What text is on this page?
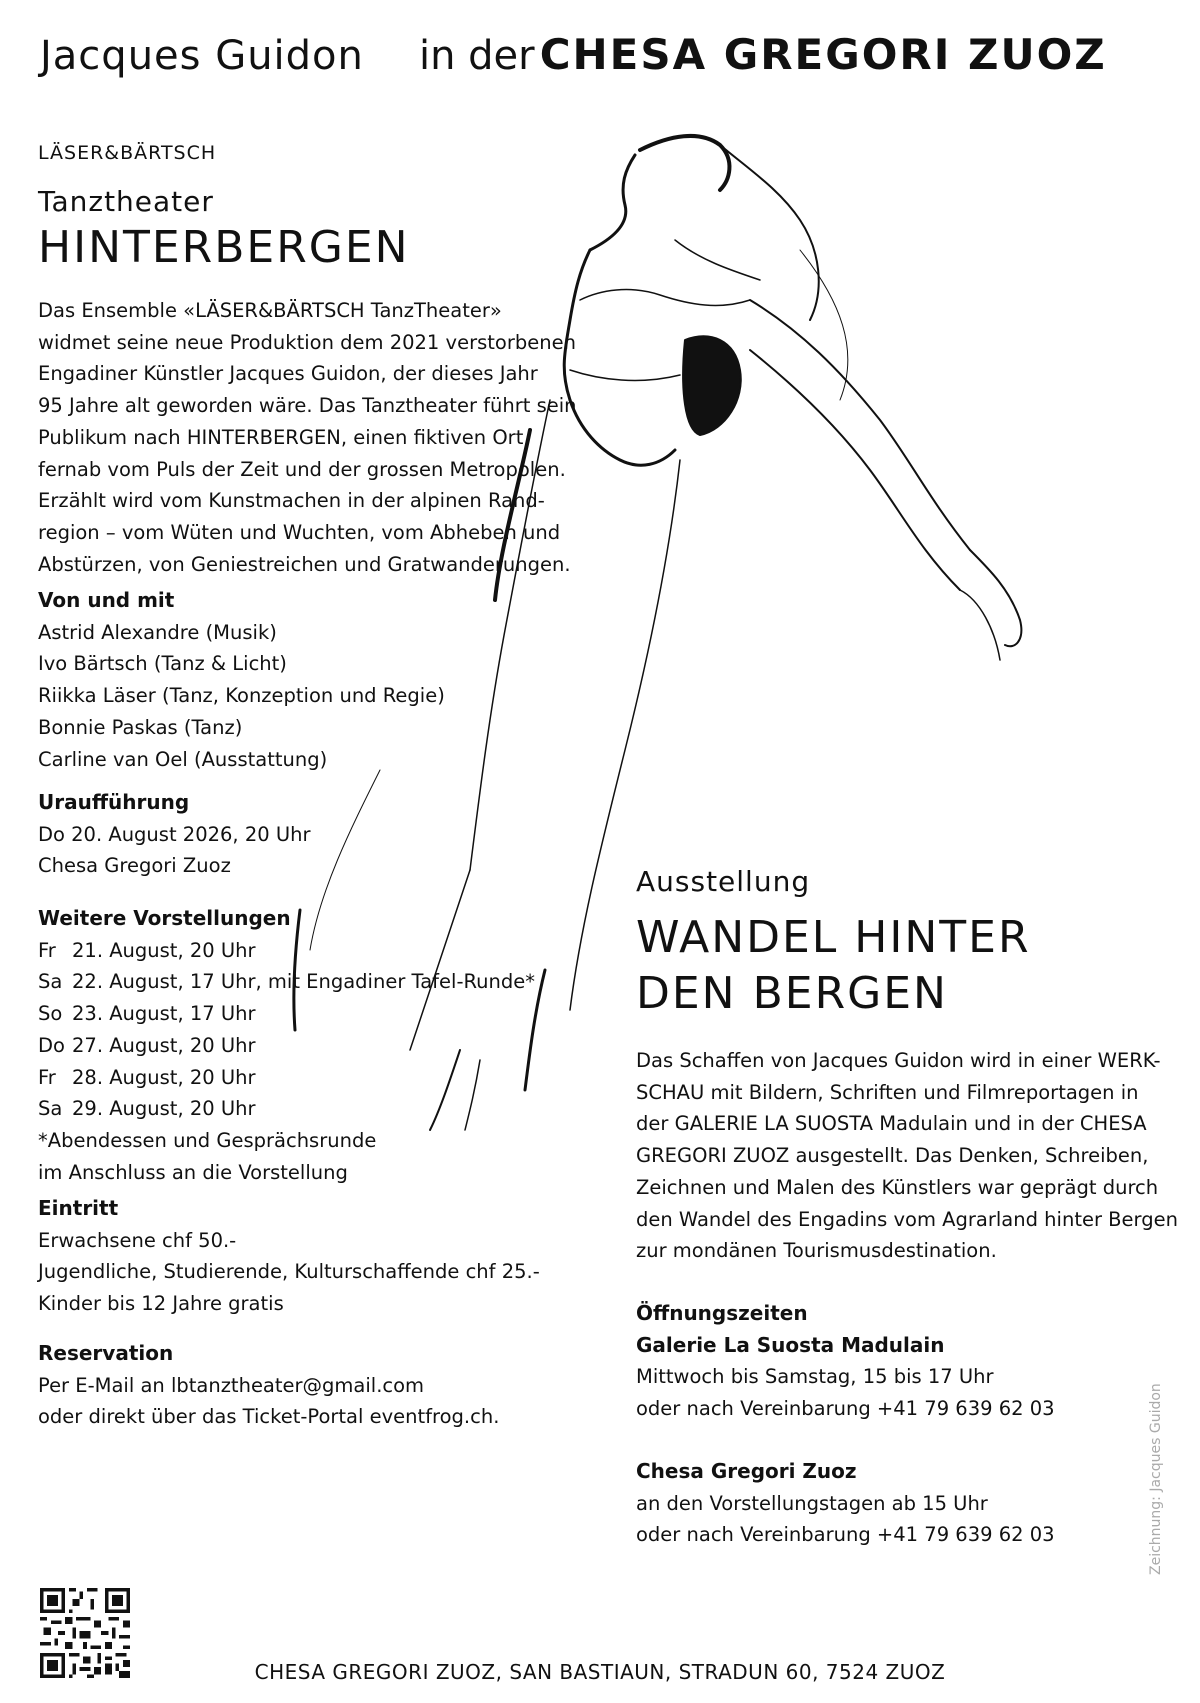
Jacques Guidon in der CHESA GREGORI ZUOZ
LÄSER&BÄRTSCH
Tanztheater
HINTERBERGEN
Das Ensemble «LÄSER&BÄRTSCH TanzTheater»
widmet seine neue Produktion dem 2021 verstorbenen
Engadiner Künstler Jacques Guidon, der dieses Jahr
95 Jahre alt geworden wäre. Das Tanztheater führt sein
Publikum nach HINTERBERGEN, einen fiktiven Ort
fernab vom Puls der Zeit und der grossen Metropolen.
Erzählt wird vom Kunstmachen in der alpinen Rand-
region – vom Wüten und Wuchten, vom Abheben und
Abstürzen, von Geniestreichen und Gratwanderungen.
Von und mit
Astrid Alexandre (Musik)
Ivo Bärtsch (Tanz & Licht)
Riikka Läser (Tanz, Konzeption und Regie)
Bonnie Paskas (Tanz)
Carline van Oel (Ausstattung)
Uraufführung
Do 20. August 2026, 20 Uhr
Chesa Gregori Zuoz
Weitere Vorstellungen
Fr 21. August, 20 Uhr
Sa 22. August, 17 Uhr, mit Engadiner Tafel-Runde*
So 23. August, 17 Uhr
Do 27. August, 20 Uhr
Fr 28. August, 20 Uhr
Sa 29. August, 20 Uhr
*Abendessen und Gesprächsrunde
im Anschluss an die Vorstellung
Eintritt
Erwachsene chf 50.-
Jugendliche, Studierende, Kulturschaffende chf 25.-
Kinder bis 12 Jahre gratis
Reservation
Per E-Mail an lbtanztheater@gmail.com
oder direkt über das Ticket-Portal eventfrog.ch.
Ausstellung
WANDEL HINTER
DEN BERGEN
Das Schaffen von Jacques Guidon wird in einer WERK-
SCHAU mit Bildern, Schriften und Filmreportagen in
der GALERIE LA SUOSTA Madulain und in der CHESA
GREGORI ZUOZ ausgestellt. Das Denken, Schreiben,
Zeichnen und Malen des Künstlers war geprägt durch
den Wandel des Engadins vom Agrarland hinter Bergen
zur mondänen Tourismusdestination.
Öffnungszeiten
Galerie La Suosta Madulain
Mittwoch bis Samstag, 15 bis 17 Uhr
oder nach Vereinbarung +41 79 639 62 03
Chesa Gregori Zuoz
an den Vorstellungstagen ab 15 Uhr
oder nach Vereinbarung +41 79 639 62 03	Zeichnung: Jacques Guidon
CHESA GREGORI ZUOZ, SAN BASTIAUN, STRADUN 60, 7524 ZUOZ
